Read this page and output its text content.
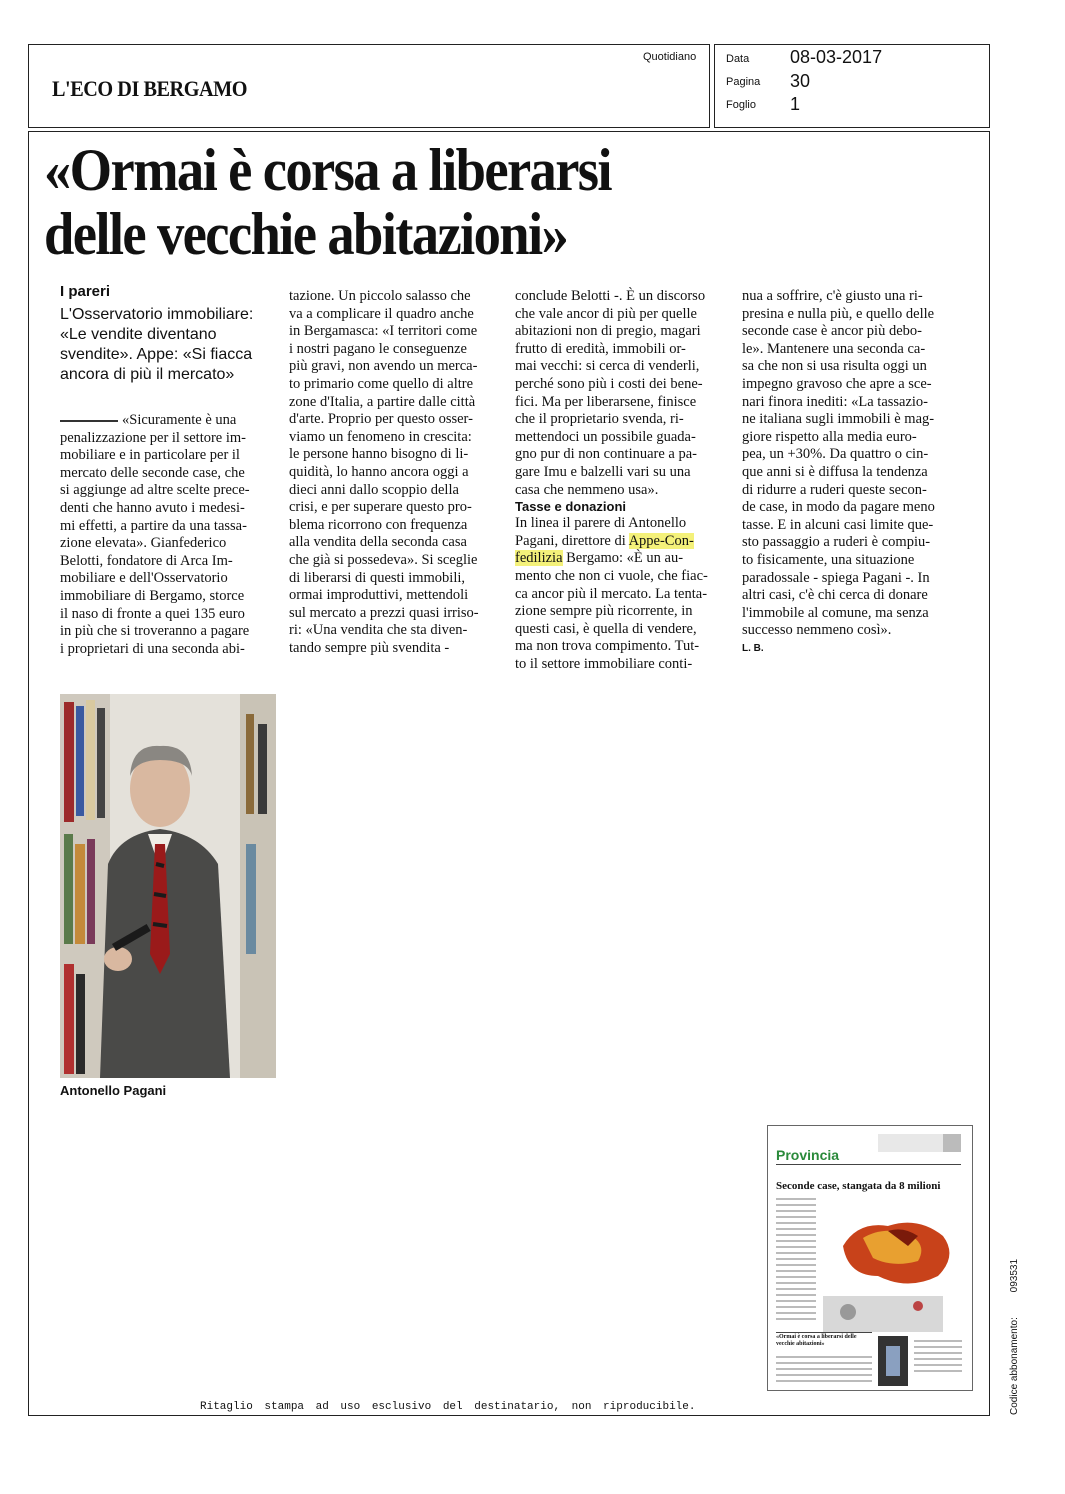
L'ECO DI BERGAMO
Quotidiano	Data 08-03-2017
Pagina 30
Foglio 1
«Ormai è corsa a liberarsi
delle vecchie abitazioni»
I pareri
L'Osservatorio immobiliare:
«Le vendite diventano
svendite». Appe: «Si fiacca
ancora di più il mercato»
«Sicuramente è una
penalizzazione per il settore im-
mobiliare e in particolare per il
mercato delle seconde case, che
si aggiunge ad altre scelte prece-
denti che hanno avuto i medesi-
mi effetti, a partire da una tassa-
zione elevata». Gianfederico
Belotti, fondatore di Arca Im-
mobiliare e dell'Osservatorio
immobiliare di Bergamo, storce
il naso di fronte a quei 135 euro
in più che si troveranno a pagare
i proprietari di una seconda abi-
tazione. Un piccolo salasso che
va a complicare il quadro anche
in Bergamasca: «I territori come
i nostri pagano le conseguenze
più gravi, non avendo un merca-
to primario come quello di altre
zone d'Italia, a partire dalle città
d'arte. Proprio per questo osser-
viamo un fenomeno in crescita:
le persone hanno bisogno di li-
quidità, lo hanno ancora oggi a
dieci anni dallo scoppio della
crisi, e per superare questo pro-
blema ricorrono con frequenza
alla vendita della seconda casa
che già si possedeva». Si sceglie
di liberarsi di questi immobili,
ormai improduttivi, mettendoli
sul mercato a prezzi quasi irriso-
ri: «Una vendita che sta diven-
tando sempre più svendita -
conclude Belotti -. È un discorso
che vale ancor di più per quelle
abitazioni non di pregio, magari
frutto di eredità, immobili or-
mai vecchi: si cerca di venderli,
perché sono più i costi dei bene-
fici. Ma per liberarsene, finisce
che il proprietario svenda, ri-
mettendoci un possibile guada-
gno pur di non continuare a pa-
gare Imu e balzelli vari su una
casa che nemmeno usa».
Tasse e donazioni
In linea il parere di Antonello
Pagani, direttore di Appe-Con-
fedilizia Bergamo: «È un au-
mento che non ci vuole, che fiac-
ca ancor più il mercato. La tenta-
zione sempre più ricorrente, in
questi casi, è quella di vendere,
ma non trova compimento. Tut-
to il settore immobiliare conti-
nua a soffrire, c'è giusto una ri-
presina e nulla più, e quello delle
seconde case è ancor più debo-
le». Mantenere una seconda ca-
sa che non si usa risulta oggi un
impegno gravoso che apre a sce-
nari finora inediti: «La tassazio-
ne italiana sugli immobili è mag-
giore rispetto alla media euro-
pea, un +30%. Da quattro o cin-
que anni si è diffusa la tendenza
di ridurre a ruderi queste secon-
de case, in modo da pagare meno
tasse. E in alcuni casi limite que-
sto passaggio a ruderi è compiu-
to fisicamente, una situazione
paradossale - spiega Pagani -. In
altri casi, c'è chi cerca di donare
l'immobile al comune, ma senza
successo nemmeno così».
L. B.
Antonello Pagani
Provincia
Seconde case, stangata da 8 milioni
«Ormai è corsa a liberarsi delle vecchie abitazioni»
Ritaglio stampa ad uso esclusivo del destinatario, non riproducibile.	Codice abbonamento: 093531
